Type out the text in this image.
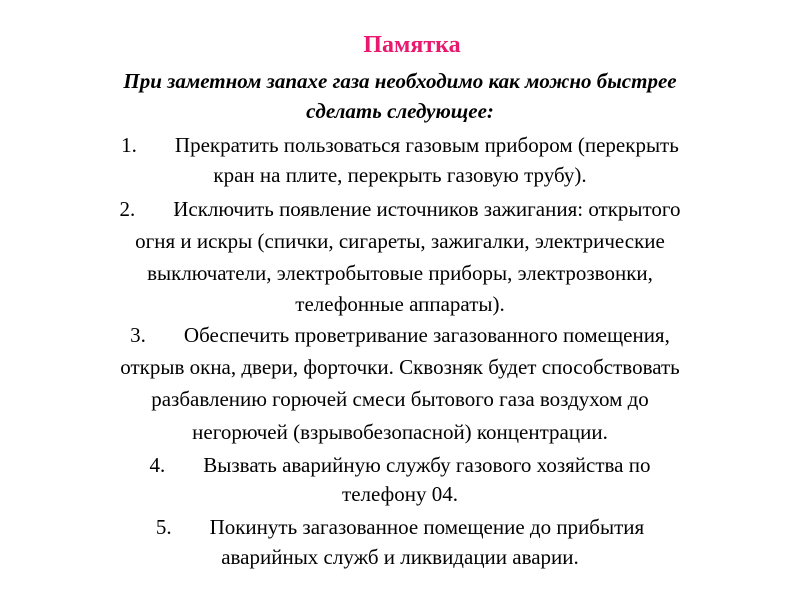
Памятка
При заметном запахе газа необходимо как можно быстрее
сделать следующее:
1. Прекратить пользоваться газовым прибором (перекрыть
кран на плите, перекрыть газовую трубу).
2. Исключить появление источников зажигания: открытого
огня и искры (спички, сигареты, зажигалки, электрические
выключатели, электробытовые приборы, электрозвонки,
телефонные аппараты).
3. Обеспечить проветривание загазованного помещения,
открыв окна, двери, форточки. Сквозняк будет способствовать
разбавлению горючей смеси бытового газа воздухом до
негорючей (взрывобезопасной) концентрации.
4. Вызвать аварийную службу газового хозяйства по
телефону 04.
5. Покинуть загазованное помещение до прибытия
аварийных служб и ликвидации аварии.
